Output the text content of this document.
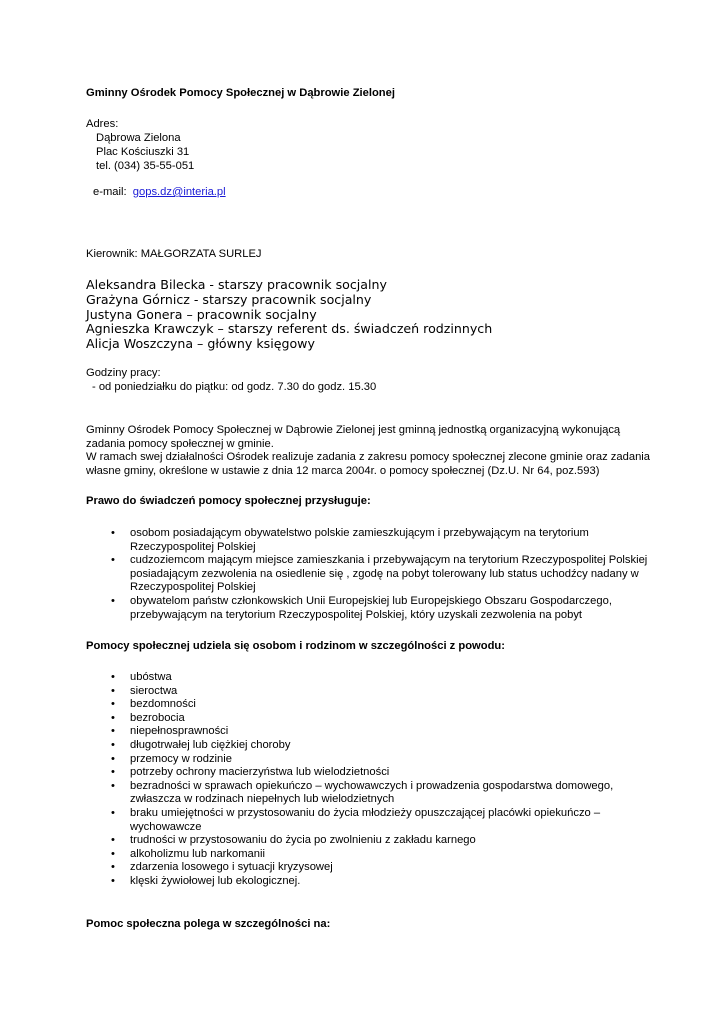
Gminny Ośrodek Pomocy Społecznej w Dąbrowie Zielonej
Adres:
Dąbrowa Zielona
Plac Kościuszki 31
tel. (034) 35-55-051
e-mail: gops.dz@interia.pl
Kierownik: MAŁGORZATA SURLEJ
Aleksandra Bilecka - starszy pracownik socjalny
Grażyna Górnicz - starszy pracownik socjalny
Justyna Gonera – pracownik socjalny
Agnieszka Krawczyk – starszy referent ds. świadczeń rodzinnych
Alicja Woszczyna – główny księgowy
Godziny pracy:
- od poniedziałku do piątku: od godz. 7.30 do godz. 15.30
Gminny Ośrodek Pomocy Społecznej w Dąbrowie Zielonej jest gminną jednostką organizacyjną wykonującą
zadania pomocy społecznej w gminie.
W ramach swej działalności Ośrodek realizuje zadania z zakresu pomocy społecznej zlecone gminie oraz zadania
własne gminy, określone w ustawie z dnia 12 marca 2004r. o pomocy społecznej (Dz.U. Nr 64, poz.593)
Prawo do świadczeń pomocy społecznej przysługuje:
• osobom posiadającym obywatelstwo polskie zamieszkującym i przebywającym na terytorium
Rzeczypospolitej Polskiej
• cudzoziemcom mającym miejsce zamieszkania i przebywającym na terytorium Rzeczypospolitej Polskiej
posiadającym zezwolenia na osiedlenie się , zgodę na pobyt tolerowany lub status uchodźcy nadany w
Rzeczypospolitej Polskiej
• obywatelom państw członkowskich Unii Europejskiej lub Europejskiego Obszaru Gospodarczego,
przebywającym na terytorium Rzeczypospolitej Polskiej, który uzyskali zezwolenia na pobyt
Pomocy społecznej udziela się osobom i rodzinom w szczególności z powodu:
• ubóstwa
• sieroctwa
• bezdomności
• bezrobocia
• niepełnosprawności
• długotrwałej lub ciężkiej choroby
• przemocy w rodzinie
• potrzeby ochrony macierzyństwa lub wielodzietności
• bezradności w sprawach opiekuńczo – wychowawczych i prowadzenia gospodarstwa domowego,
zwłaszcza w rodzinach niepełnych lub wielodzietnych
• braku umiejętności w przystosowaniu do życia młodzieży opuszczającej placówki opiekuńczo –
wychowawcze
• trudności w przystosowaniu do życia po zwolnieniu z zakładu karnego
• alkoholizmu lub narkomanii
• zdarzenia losowego i sytuacji kryzysowej
• klęski żywiołowej lub ekologicznej.
Pomoc społeczna polega w szczególności na:
